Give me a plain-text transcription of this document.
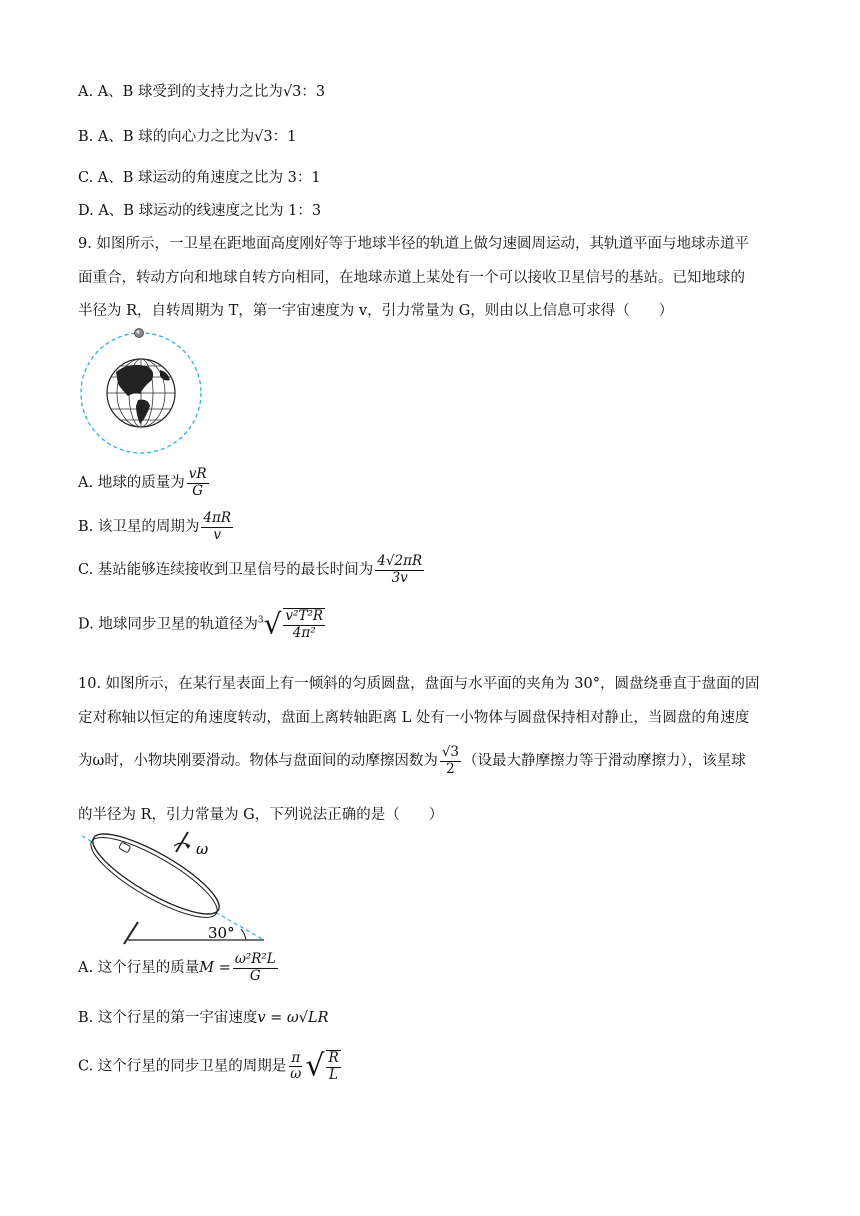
A. A、B 球受到的支持力之比为√3：3
B. A、B 球的向心力之比为√3：1
C. A、B 球运动的角速度之比为 3：1
D. A、B 球运动的线速度之比为 1：3
9. 如图所示，一卫星在距地面高度刚好等于地球半径的轨道上做匀速圆周运动，其轨道平面与地球赤道平
面重合，转动方向和地球自转方向相同，在地球赤道上某处有一个可以接收卫星信号的基站。已知地球的
半径为 R，自转周期为 T，第一宇宙速度为 v，引力常量为 G，则由以上信息可求得（　　）
A. 地球的质量为 $\frac{vR}{G}$
B. 该卫星的周期为 $\frac{4\pi R}{v}$
C. 基站能够连续接收到卫星信号的最长时间为 $\frac{4√2\pi R}{3v}$
D. 地球同步卫星的轨道径为$^3√ \frac{\text{v²T²R}}{\text{4π²}}$
10. 如图所示，在某行星表面上有一倾斜的匀质圆盘，盘面与水平面的夹角为 30°，圆盘绕垂直于盘面的固
定对称轴以恒定的角速度转动，盘面上离转轴距离 L 处有一小物体与圆盘保持相对静止，当圆盘的角速度
为ω时，小物块刚要滑动。物体与盘面间的动摩擦因数为 $\frac{√3}{2}$ （设最大静摩擦力等于滑动摩擦力），该星球
的半径为 R，引力常量为 G，下列说法正确的是（　　）
ω
30°
A. 这个行星的质量$M = \frac{\text{ω²R²L}}{G}$
B. 这个行星的第一宇宙速度v = ω√LR
C. 这个行星的同步卫星的周期是 $\frac{\pi}{\omega}$ √ $\frac{R}{L}$
